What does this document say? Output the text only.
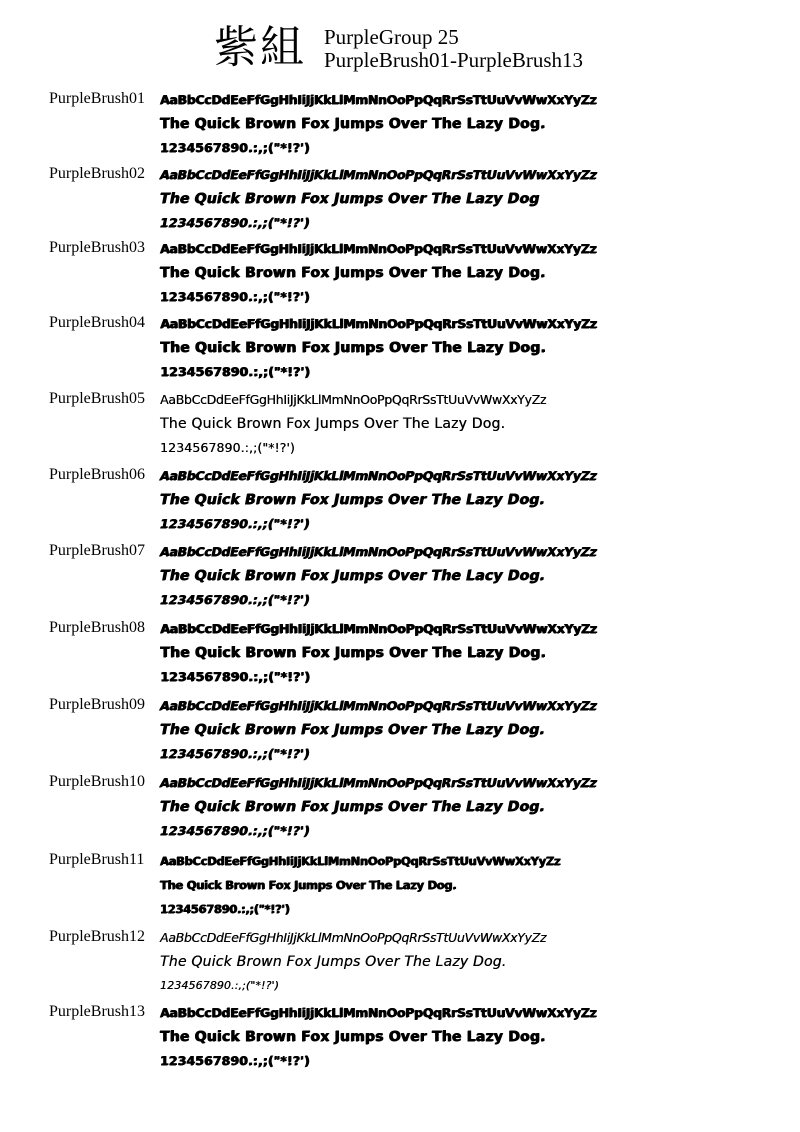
紫組 PurpleGroup 25
PurpleBrush01-PurpleBrush13
PurpleBrush01 AaBbCcDdEeFfGgHhIiJjKkLlMmNnOoPpQqRrSsTtUuVvWwXxYyZz
The Quick Brown Fox Jumps Over The Lazy Dog.
1234567890.:,;("*!?')
PurpleBrush02 AaBbCcDdEeFfGgHhIiJjKkLlMmNnOoPpQqRrSsTtUuVvWwXxYyZz
The Quick Brown Fox Jumps Over The Lazy Dog
1234567890.:,;("*!?')
PurpleBrush03 AaBbCcDdEeFfGgHhIiJjKkLlMmNnOoPpQqRrSsTtUuVvWwXxYyZz
The Quick Brown Fox Jumps Over The Lazy Dog.
1234567890.:,;("*!?')
PurpleBrush04 AaBbCcDdEeFfGgHhIiJjKkLlMmNnOoPpQqRrSsTtUuVvWwXxYyZz
The Quick Brown Fox Jumps Over The Lazy Dog.
1234567890.:,;("*!?')
PurpleBrush05 AaBbCcDdEeFfGgHhIiJjKkLlMmNnOoPpQqRrSsTtUuVvWwXxYyZz
The Quick Brown Fox Jumps Over The Lazy Dog.
1234567890.:,;("*!?')
PurpleBrush06 AaBbCcDdEeFfGgHhIiJjKkLlMmNnOoPpQqRrSsTtUuVvWwXxYyZz
The Quick Brown Fox Jumps Over The Lazy Dog.
1234567890.:,;("*!?')
PurpleBrush07 AaBbCcDdEeFfGgHhIiJjKkLlMmNnOoPpQqRrSsTtUuVvWwXxYyZz
The Quick Brown Fox Jumps Over The Lacy Dog.
1234567890.:,;("*!?')
PurpleBrush08 AaBbCcDdEeFfGgHhIiJjKkLlMmNnOoPpQqRrSsTtUuVvWwXxYyZz
The Quick Brown Fox Jumps Over The Lazy Dog.
1234567890.:,;("*!?')
PurpleBrush09 AaBbCcDdEeFfGgHhIiJjKkLlMmNnOoPpQqRrSsTtUuVvWwXxYyZz
The Quick Brown Fox Jumps Over The Lazy Dog.
1234567890.:,;("*!?')
PurpleBrush10 AaBbCcDdEeFfGgHhIiJjKkLlMmNnOoPpQqRrSsTtUuVvWwXxYyZz
The Quick Brown Fox Jumps Over The Lazy Dog.
1234567890.:,;("*!?')
PurpleBrush11 AaBbCcDdEeFfGgHhIiJjKkLlMmNnOoPpQqRrSsTtUuVvWwXxYyZz
The Quick Brown Fox Jumps Over The Lazy Dog.
1234567890.:,;("*!?')
PurpleBrush12 AaBbCcDdEeFfGgHhIiJjKkLlMmNnOoPpQqRrSsTtUuVvWwXxYyZz
The Quick Brown Fox Jumps Over The Lazy Dog.
1234567890.:,;("*!?')
PurpleBrush13 AaBbCcDdEeFfGgHhIiJjKkLlMmNnOoPpQqRrSsTtUuVvWwXxYyZz
The Quick Brown Fox Jumps Over The Lazy Dog.
1234567890.:,;("*!?')
